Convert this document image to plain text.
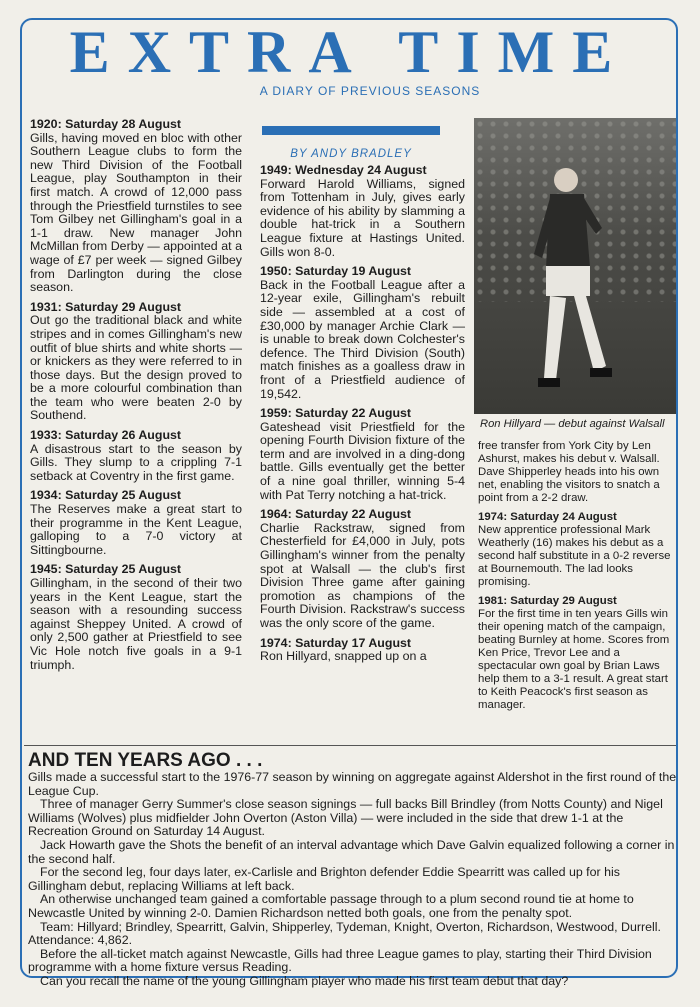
EXTRA TIME
A DIARY OF PREVIOUS SEASONS
BY ANDY BRADLEY

1920: Saturday 28 August
Gills, having moved en bloc with other Southern League clubs to form the new Third Division of the Football League, play Southampton in their first match. A crowd of 12,000 pass through the Priestfield turnstiles to see Tom Gilbey net Gillingham's goal in a 1-1 draw. New manager John McMillan from Derby — appointed at a wage of £7 per week — signed Gilbey from Darlington during the close season.

1931: Saturday 29 August
Out go the traditional black and white stripes and in comes Gillingham's new outfit of blue shirts and white shorts — or knickers as they were referred to in those days. But the design proved to be a more colourful combination than the team who were beaten 2-0 by Southend.

1933: Saturday 26 August
A disastrous start to the season by Gills. They slump to a crippling 7-1 setback at Coventry in the first game.

1934: Saturday 25 August
The Reserves make a great start to their programme in the Kent League, galloping to a 7-0 victory at Sittingbourne.

1945: Saturday 25 August
Gillingham, in the second of their two years in the Kent League, start the season with a resounding success against Sheppey United. A crowd of only 2,500 gather at Priestfield to see Vic Hole notch five goals in a 9-1 triumph.

1949: Wednesday 24 August
Forward Harold Williams, signed from Tottenham in July, gives early evidence of his ability by slamming a double hat-trick in a Southern League fixture at Hastings United. Gills won 8-0.

1950: Saturday 19 August
Back in the Football League after a 12-year exile, Gillingham's rebuilt side — assembled at a cost of £30,000 by manager Archie Clark — is unable to break down Colchester's defence. The Third Division (South) match finishes as a goalless draw in front of a Priestfield audience of 19,542.

1959: Saturday 22 August
Gateshead visit Priestfield for the opening Fourth Division fixture of the term and are involved in a ding-dong battle. Gills eventually get the better of a nine goal thriller, winning 5-4 with Pat Terry notching a hat-trick.

1964: Saturday 22 August
Charlie Rackstraw, signed from Chesterfield for £4,000 in July, pots Gillingham's winner from the penalty spot at Walsall — the club's first Division Three game after gaining promotion as champions of the Fourth Division. Rackstraw's success was the only score of the game.

1974: Saturday 17 August
Ron Hillyard, snapped up on a

Ron Hillyard — debut against Walsall

free transfer from York City by Len Ashurst, makes his debut v. Walsall. Dave Shipperley heads into his own net, enabling the visitors to snatch a point from a 2-2 draw.

1974: Saturday 24 August
New apprentice professional Mark Weatherly (16) makes his debut as a second half substitute in a 0-2 reverse at Bournemouth. The lad looks promising.

1981: Saturday 29 August
For the first time in ten years Gills win their opening match of the campaign, beating Burnley at home. Scores from Ken Price, Trevor Lee and a spectacular own goal by Brian Laws help them to a 3-1 result. A great start to Keith Peacock's first season as manager.

AND TEN YEARS AGO . . .

Gills made a successful start to the 1976-77 season by winning on aggregate against Aldershot in the first round of the League Cup.

Three of manager Gerry Summer's close season signings — full backs Bill Brindley (from Notts County) and Nigel Williams (Wolves) plus midfielder John Overton (Aston Villa) — were included in the side that drew 1-1 at the Recreation Ground on Saturday 14 August.

Jack Howarth gave the Shots the benefit of an interval advantage which Dave Galvin equalized following a corner in the second half.

For the second leg, four days later, ex-Carlisle and Brighton defender Eddie Spearritt was called up for his Gillingham debut, replacing Williams at left back.

An otherwise unchanged team gained a comfortable passage through to a plum second round tie at home to Newcastle United by winning 2-0. Damien Richardson netted both goals, one from the penalty spot.

Team: Hillyard; Brindley, Spearritt, Galvin, Shipperley, Tydeman, Knight, Overton, Richardson, Westwood, Durrell. Attendance: 4,862.

Before the all-ticket match against Newcastle, Gills had three League games to play, starting their Third Division programme with a home fixture versus Reading.

Can you recall the name of the young Gillingham player who made his first team debut that day?
